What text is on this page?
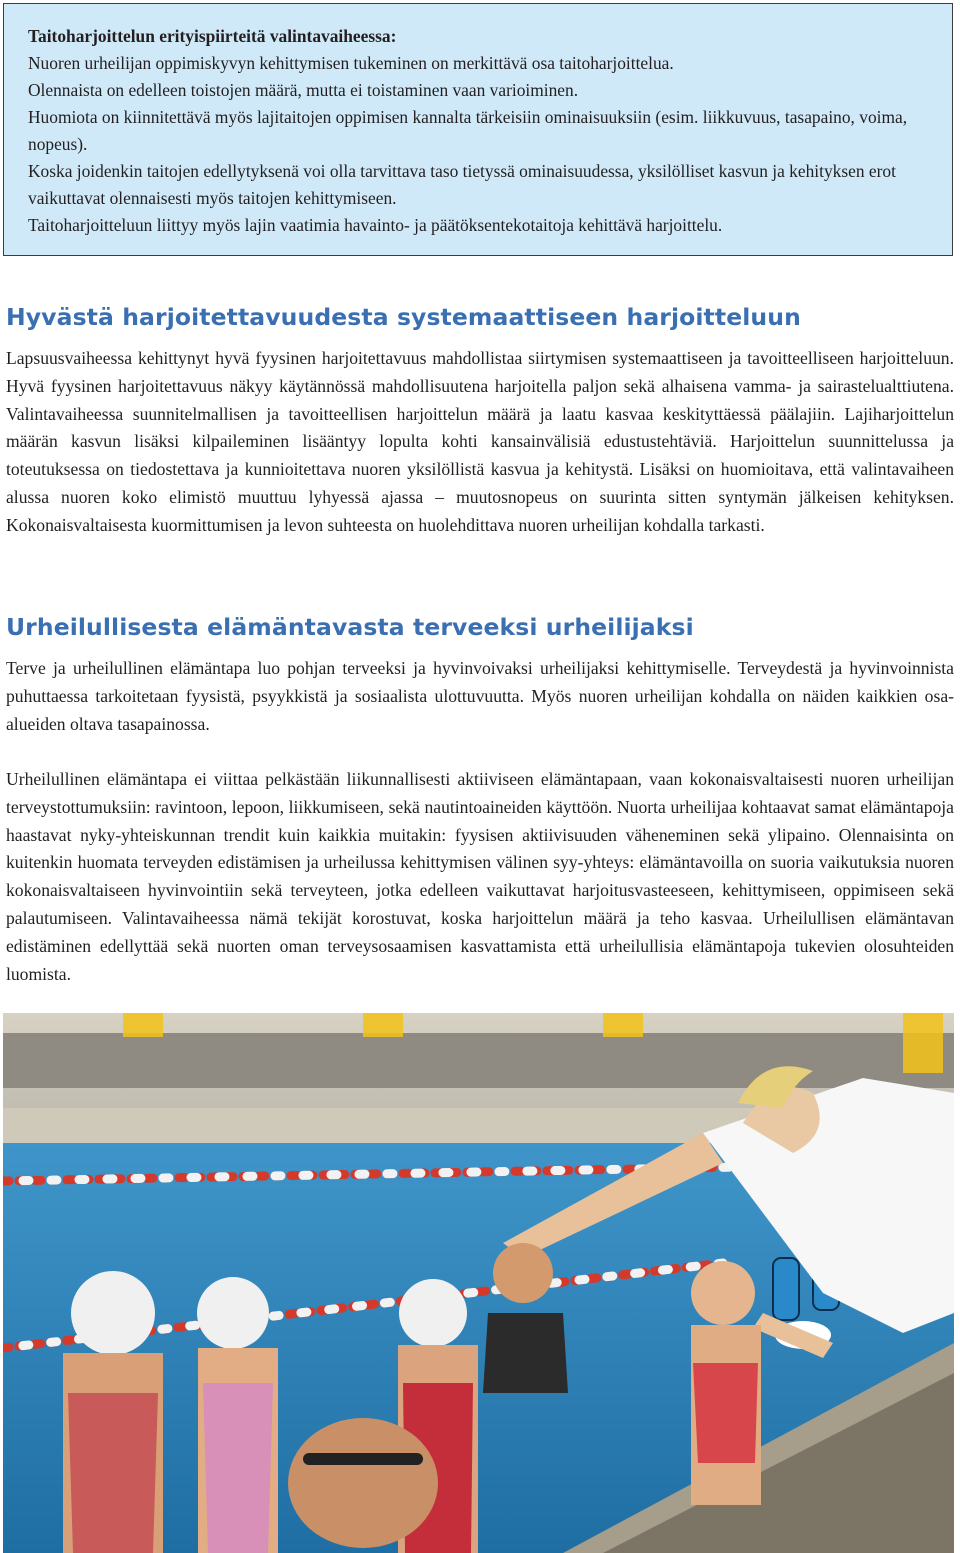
Taitoharjoittelun erityispiirteitä valintavaiheessa:

Nuoren urheilijan oppimiskyvyn kehittymisen tukeminen on merkittävä osa taitoharjoittelua.

Olennaista on edelleen toistojen määrä, mutta ei toistaminen vaan varioiminen.

Huomiota on kiinnitettävä myös lajitaitojen oppimisen kannalta tärkeisiin ominaisuuksiin (esim. liikkuvuus, tasapaino, voima, nopeus).

Koska joidenkin taitojen edellytyksenä voi olla tarvittava taso tietyssä ominaisuudessa, yksilölliset kasvun ja kehityksen erot vaikuttavat olennaisesti myös taitojen kehittymiseen.

Taitoharjoitteluun liittyy myös lajin vaatimia havainto- ja päätöksentekotaitoja kehittävä harjoittelu.

Hyvästä harjoitettavuudesta systemaattiseen harjoitteluun

Lapsuusvaiheessa kehittynyt hyvä fyysinen harjoitettavuus mahdollistaa siirtymisen systemaattiseen ja tavoitteelliseen harjoitteluun. Hyvä fyysinen harjoitettavuus näkyy käytännössä mahdollisuutena harjoitella paljon sekä alhaisena vamma- ja sairastelualttiutena. Valintavaiheessa suunnitelmallisen ja tavoitteellisen harjoittelun määrä ja laatu kasvaa keskityttäessä päälajiin. Lajiharjoittelun määrän kasvun lisäksi kilpaileminen lisääntyy lopulta kohti kansainvälisiä edustustehtäviä. Harjoittelun suunnittelussa ja toteutuksessa on tiedostettava ja kunnioitettava nuoren yksilöllistä kasvua ja kehitystä. Lisäksi on huomioitava, että valintavaiheen alussa nuoren koko elimistö muuttuu lyhyessä ajassa – muutosnopeus on suurinta sitten syntymän jälkeisen kehityksen. Kokonaisvaltaisesta kuormittumisen ja levon suhteesta on huolehdittava nuoren urheilijan kohdalla tarkasti.

Urheilullisesta elämäntavasta terveeksi urheilijaksi

Terve ja urheilullinen elämäntapa luo pohjan terveeksi ja hyvinvoivaksi urheilijaksi kehittymiselle. Terveydestä ja hyvinvoinnista puhuttaessa tarkoitetaan fyysistä, psyykkistä ja sosiaalista ulottuvuutta. Myös nuoren urheilijan kohdalla on näiden kaikkien osa-alueiden oltava tasapainossa.

Urheilullinen elämäntapa ei viittaa pelkästään liikunnallisesti aktiiviseen elämäntapaan, vaan kokonaisvaltaisesti nuoren urheilijan terveystottumuksiin: ravintoon, lepoon, liikkumiseen, sekä nautintoaineiden käyttöön. Nuorta urheilijaa kohtaavat samat elämäntapoja haastavat nyky-yhteiskunnan trendit kuin kaikkia muitakin: fyysisen aktiivisuuden väheneminen sekä ylipaino. Olennaisinta on kuitenkin huomata terveyden edistämisen ja urheilussa kehittymisen välinen syy-yhteys: elämäntavoilla on suoria vaikutuksia nuoren kokonaisvaltaiseen hyvinvointiin sekä terveyteen, jotka edelleen vaikuttavat harjoitusvasteeseen, kehittymiseen, oppimiseen sekä palautumiseen. Valintavaiheessa nämä tekijät korostuvat, koska harjoittelun määrä ja teho kasvaa. Urheilullisen elämäntavan edistäminen edellyttää sekä nuorten oman terveysosaamisen kasvattamista että urheilullisia elämäntapoja tukevien olosuhteiden luomista.
